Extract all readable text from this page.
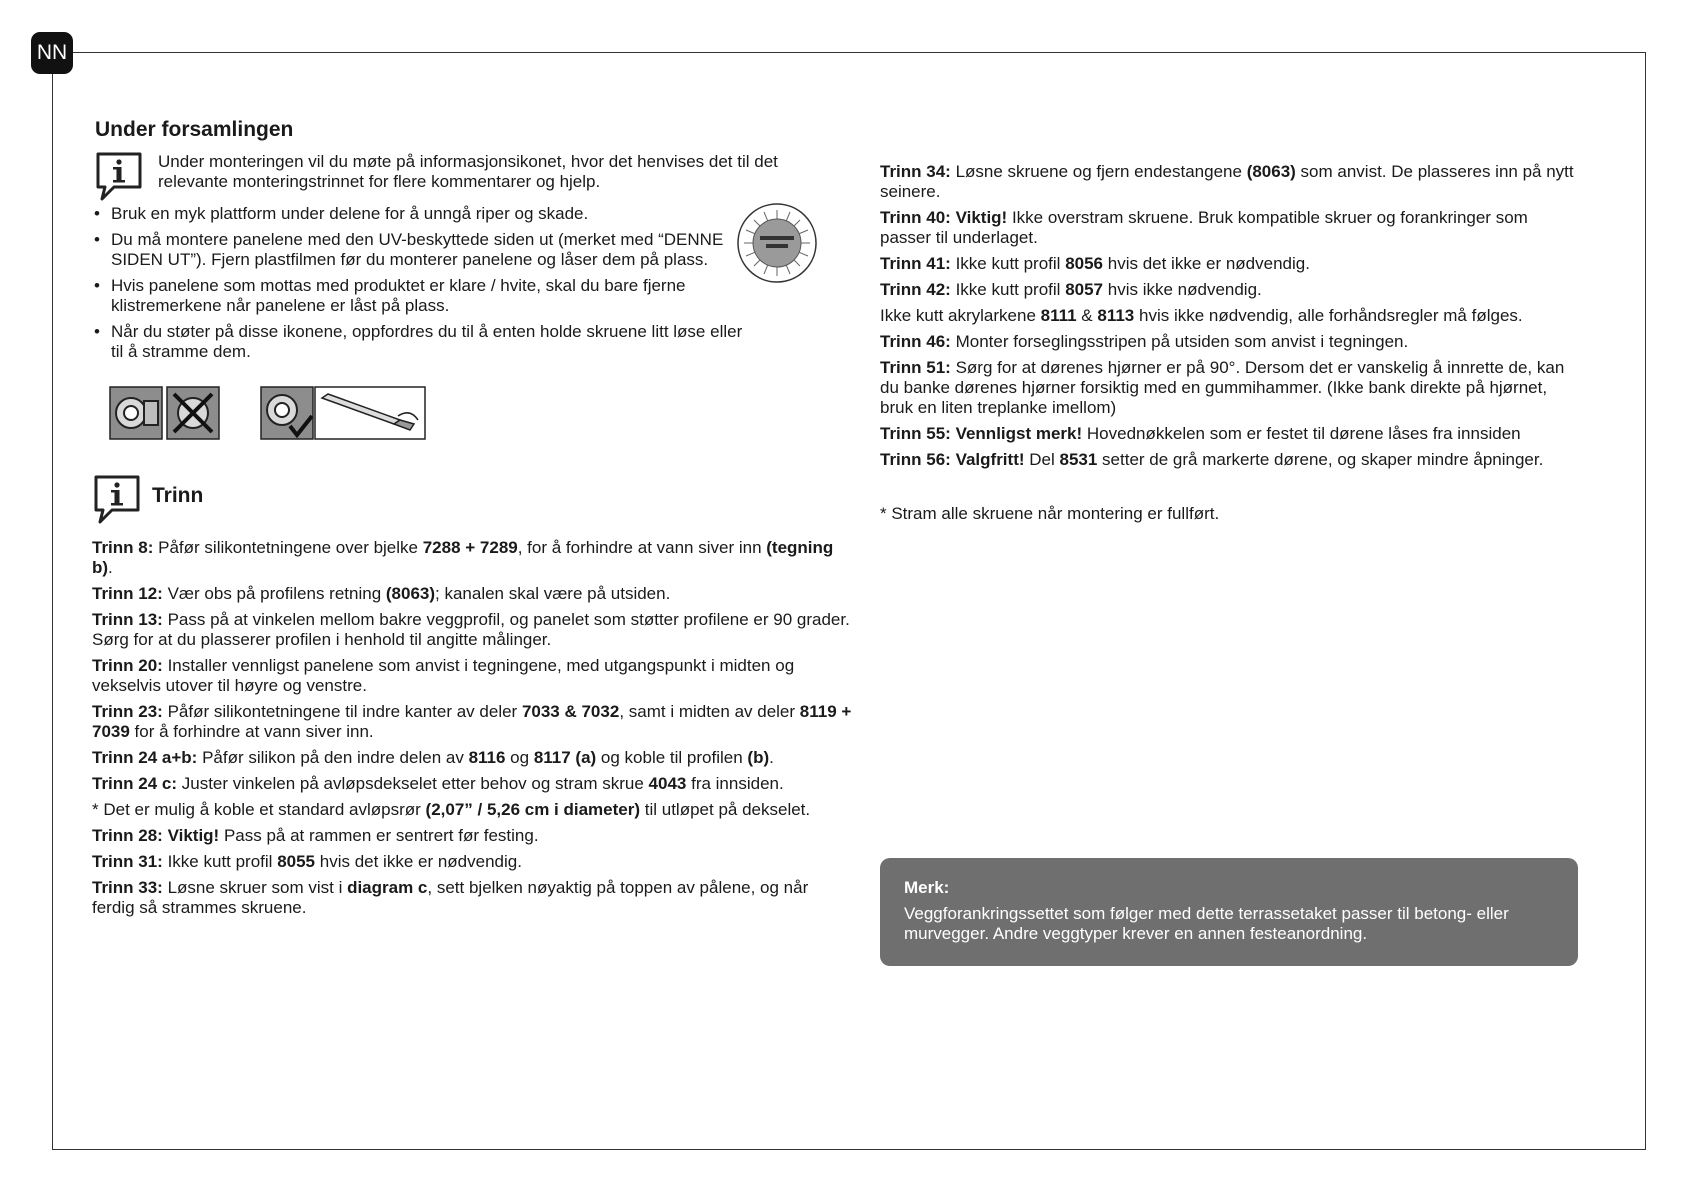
NN
Under forsamlingen
Under monteringen vil du møte på informasjonsikonet, hvor det henvises det til det relevante monteringstrinnet for flere kommentarer og hjelp.
• Bruk en myk plattform under delene for å unngå riper og skade.
• Du må montere panelene med den UV-beskyttede siden ut (merket med “DENNE SIDEN UT”). Fjern plastfilmen før du monterer panelene og låser dem på plass.
• Hvis panelene som mottas med produktet er klare / hvite, skal du bare fjerne klistremerkene når panelene er låst på plass.
• Når du støter på disse ikonene, oppfordres du til å enten holde skruene litt løse eller til å stramme dem.
Trinn

Trinn 8: Påfør silikontetningene over bjelke 7288 + 7289, for å forhindre at vann siver inn (tegning b).

Trinn 12: Vær obs på profilens retning (8063); kanalen skal være på utsiden.

Trinn 13: Pass på at vinkelen mellom bakre veggprofil, og panelet som støtter profilene er 90 grader. Sørg for at du plasserer profilen i henhold til angitte målinger.

Trinn 20: Installer vennligst panelene som anvist i tegningene, med utgangspunkt i midten og vekselvis utover til høyre og venstre.

Trinn 23: Påfør silikontetningene til indre kanter av deler 7033 & 7032, samt i midten av deler 8119 + 7039 for å forhindre at vann siver inn.

Trinn 24 a+b: Påfør silikon på den indre delen av 8116 og 8117 (a) og koble til profilen (b).

Trinn 24 c: Juster vinkelen på avløpsdekselet etter behov og stram skrue 4043 fra innsiden.

* Det er mulig å koble et standard avløpsrør (2,07” / 5,26 cm i diameter) til utløpet på dekselet.

Trinn 28: Viktig! Pass på at rammen er sentrert før festing.

Trinn 31: Ikke kutt profil 8055 hvis det ikke er nødvendig.

Trinn 33: Løsne skruer som vist i diagram c, sett bjelken nøyaktig på toppen av pålene, og når ferdig så strammes skruene.

Trinn 34: Løsne skruene og fjern endestangene (8063) som anvist. De plasseres inn på nytt seinere.

Trinn 40: Viktig! Ikke overstram skruene. Bruk kompatible skruer og forankringer som passer til underlaget.

Trinn 41: Ikke kutt profil 8056 hvis det ikke er nødvendig.

Trinn 42: Ikke kutt profil 8057 hvis ikke nødvendig.

Ikke kutt akrylarkene 8111 & 8113 hvis ikke nødvendig, alle forhåndsregler må følges.

Trinn 46: Monter forseglingsstripen på utsiden som anvist i tegningen.

Trinn 51: Sørg for at dørenes hjørner er på 90°. Dersom det er vanskelig å innrette de, kan du banke dørenes hjørner forsiktig med en gummihammer. (Ikke bank direkte på hjørnet, bruk en liten treplanke imellom)

Trinn 55: Vennligst merk! Hovednøkkelen som er festet til dørene låses fra innsiden

Trinn 56: Valgfritt! Del 8531 setter de grå markerte dørene, og skaper mindre åpninger.

* Stram alle skruene når montering er fullført.
Merk:
Veggforankringssettet som følger med dette terrassetaket passer til betong- eller murvegger. Andre veggtyper krever en annen festeanordning.
